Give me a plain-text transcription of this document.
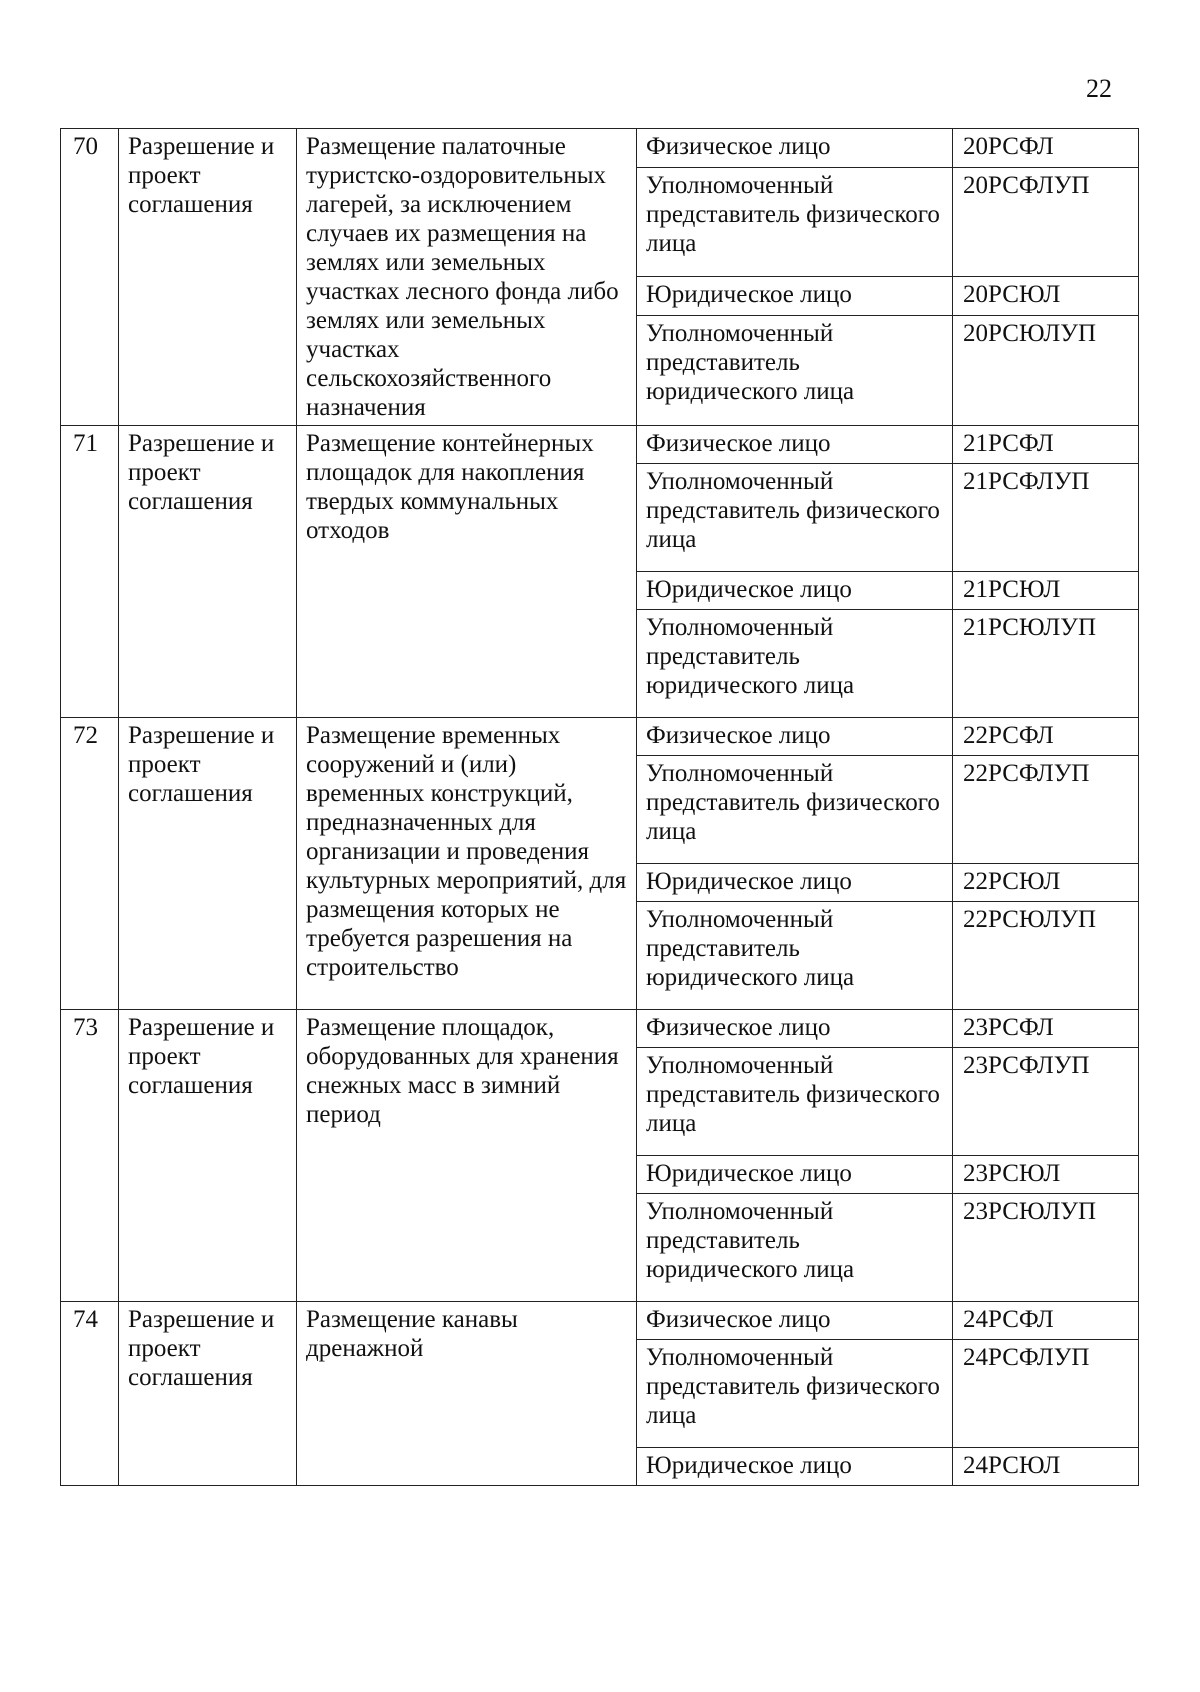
22
70	Разрешение и проект соглашения	Размещение палаточные туристско-оздоровительных лагерей, за исключением случаев их размещения на землях или земельных участках лесного фонда либо землях или земельных участках сельскохозяйственного назначения	Физическое лицо	20РСФЛ
			Уполномоченный представитель физического лица	20РСФЛУП
			Юридическое лицо	20РСЮЛ
			Уполномоченный представитель юридического лица	20РСЮЛУП
71	Разрешение и проект соглашения	Размещение контейнерных площадок для накопления твердых коммунальных отходов	Физическое лицо	21РСФЛ
			Уполномоченный представитель физического лица	21РСФЛУП
			Юридическое лицо	21РСЮЛ
			Уполномоченный представитель юридического лица	21РСЮЛУП
72	Разрешение и проект соглашения	Размещение временных сооружений и (или) временных конструкций, предназначенных для организации и проведения культурных мероприятий, для размещения которых не требуется разрешения на строительство	Физическое лицо	22РСФЛ
			Уполномоченный представитель физического лица	22РСФЛУП
			Юридическое лицо	22РСЮЛ
			Уполномоченный представитель юридического лица	22РСЮЛУП
73	Разрешение и проект соглашения	Размещение площадок, оборудованных для хранения снежных масс в зимний период	Физическое лицо	23РСФЛ
			Уполномоченный представитель физического лица	23РСФЛУП
			Юридическое лицо	23РСЮЛ
			Уполномоченный представитель юридического лица	23РСЮЛУП
74	Разрешение и проект соглашения	Размещение канавы дренажной	Физическое лицо	24РСФЛ
			Уполномоченный представитель физического лица	24РСФЛУП
			Юридическое лицо	24РСЮЛ
